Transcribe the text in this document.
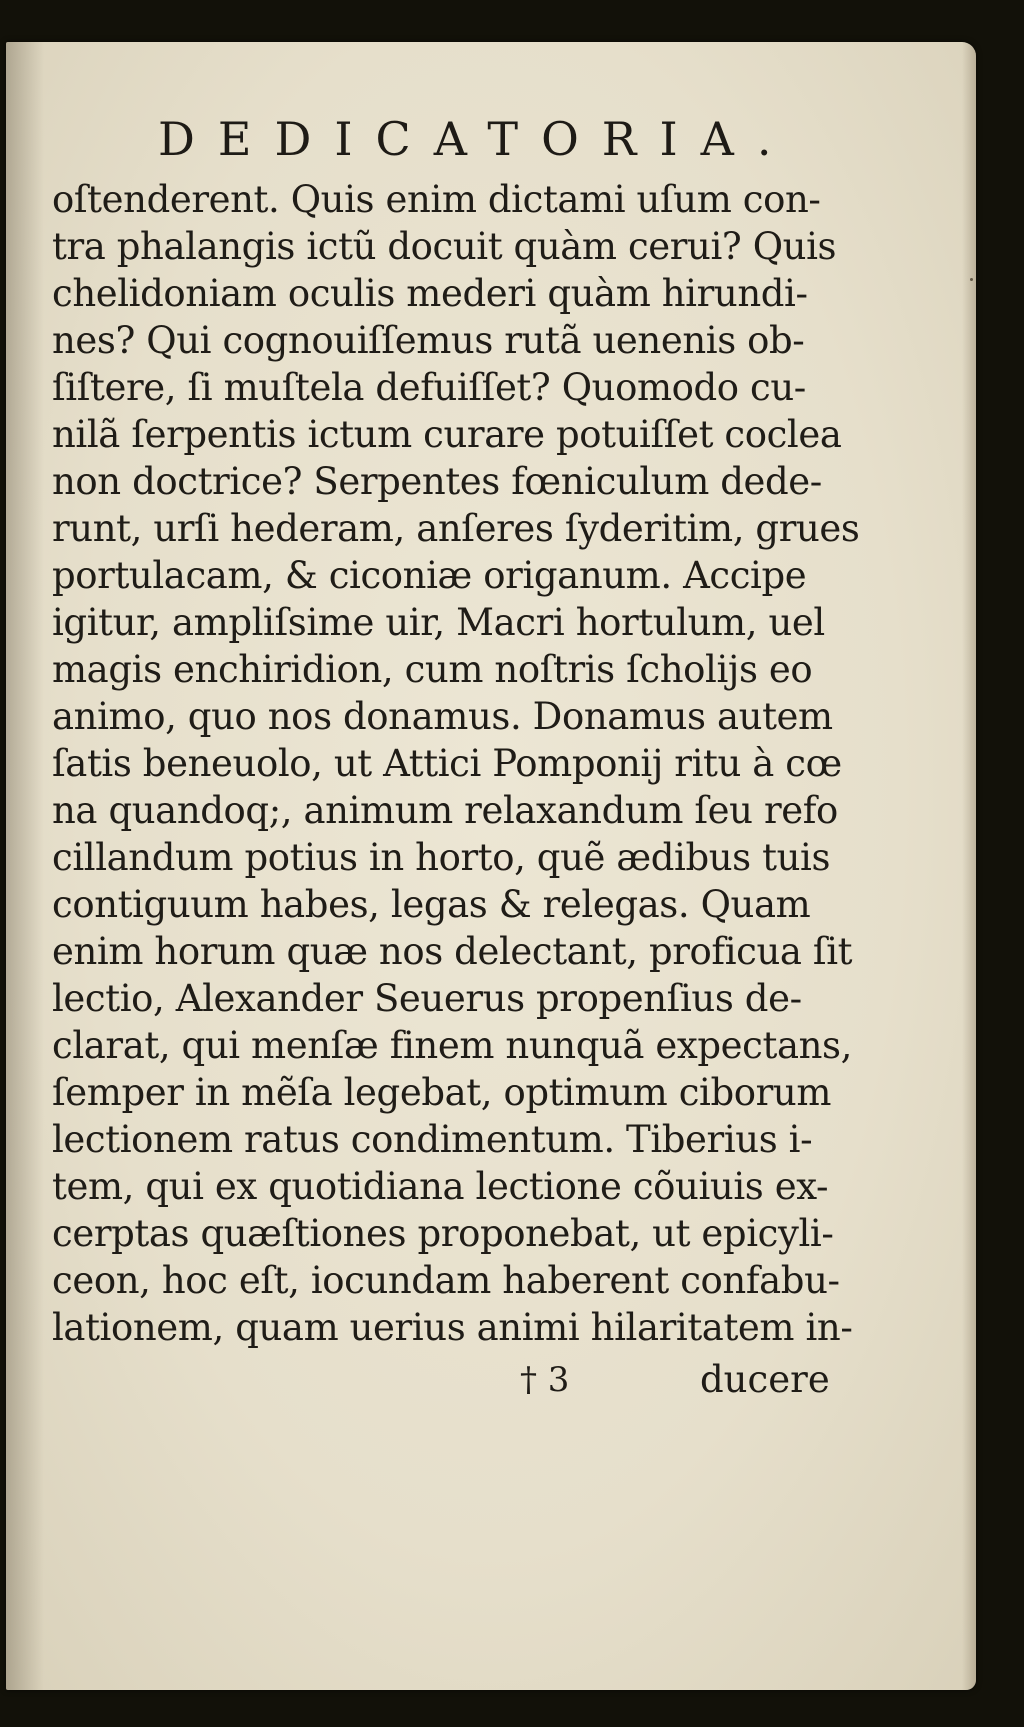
DEDICATORIA.
oſtenderent. Quis enim dictami uſum con-
tra phalangis ictũ docuit quàm cerui? Quis
chelidoniam oculis mederi quàm hirundi-
nes? Qui cognouiſſemus rutã uenenis ob-
ſiſtere, ſi muſtela defuiſſet? Quomodo cu-
nilã ſerpentis ictum curare potuiſſet coclea
non doctrice? Serpentes fœniculum dede-
runt, urſi hederam, anſeres ſyderitim, grues
portulacam, & ciconiæ origanum. Accipe
igitur, ampliſsime uir, Macri hortulum, uel
magis enchiridion, cum noſtris ſcholijs eo
animo, quo nos donamus. Donamus autem
ſatis beneuolo, ut Attici Pomponij ritu à cœ
na quandoq;, animum relaxandum ſeu refo
cillandum potius in horto, quẽ ædibus tuis
contiguum habes, legas & relegas. Quam
enim horum quæ nos delectant, proficua ſit
lectio, Alexander Seuerus propenſius de-
clarat, qui menſæ finem nunquã expectans,
ſemper in mẽſa legebat, optimum ciborum
lectionem ratus condimentum. Tiberius i-
tem, qui ex quotidiana lectione cõuiuis ex-
cerptas quæſtiones proponebat, ut epicyli-
ceon, hoc eſt, iocundam haberent confabu-
lationem, quam uerius animi hilaritatem in-
† 3	ducere
